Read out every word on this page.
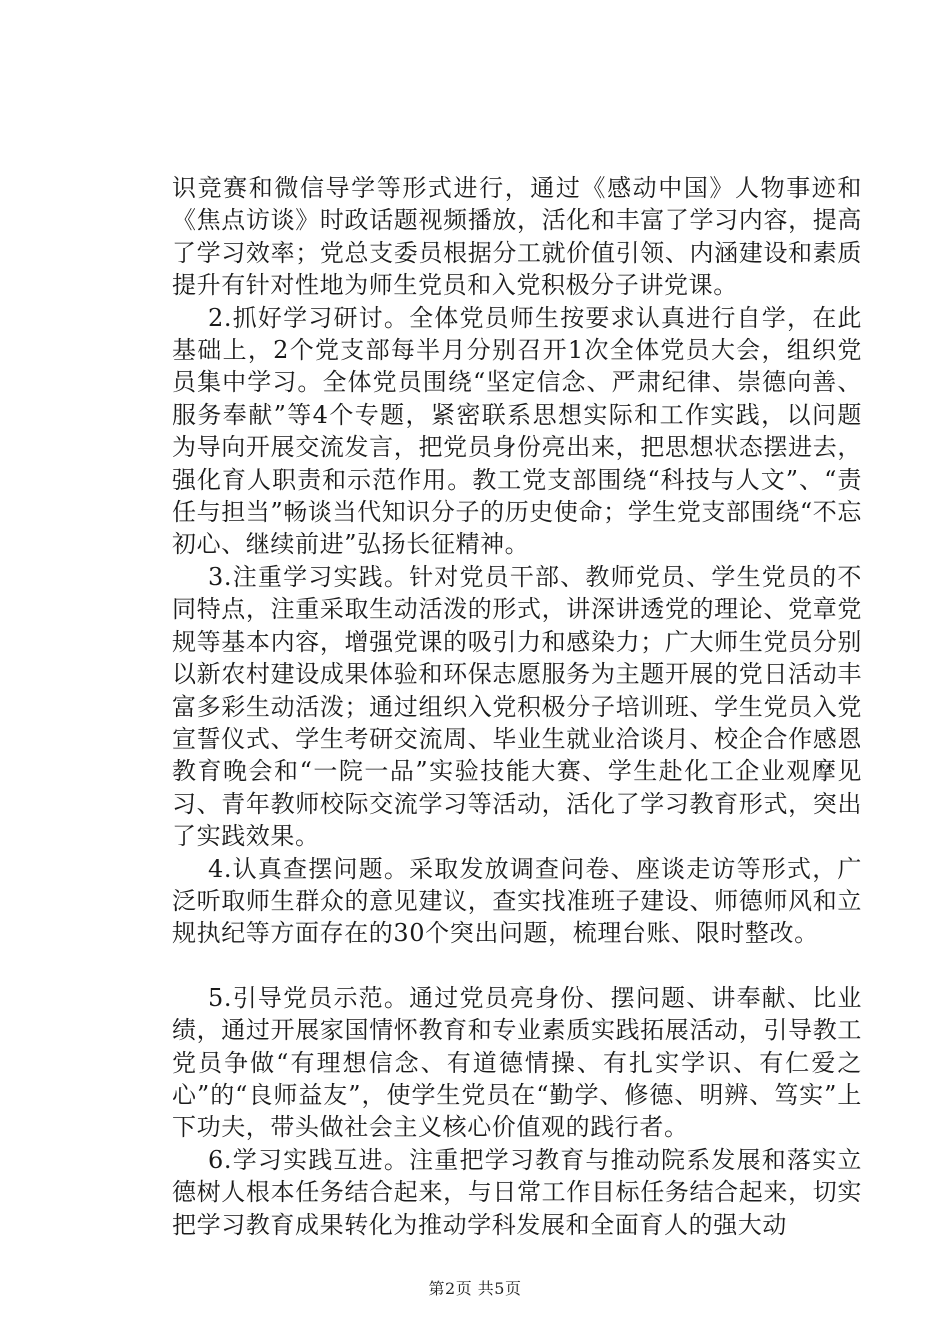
识竞赛和微信导学等形式进行，通过《感动中国》人物事迹和《焦点访谈》时政话题视频播放，活化和丰富了学习内容，提高了学习效率；党总支委员根据分工就价值引领、内涵建设和素质提升有针对性地为师生党员和入党积极分子讲党课。

2.抓好学习研讨。全体党员师生按要求认真进行自学，在此基础上，2个党支部每半月分别召开1次全体党员大会，组织党员集中学习。全体党员围绕“坚定信念、严肃纪律、崇德向善、服务奉献”等4个专题，紧密联系思想实际和工作实践，以问题为导向开展交流发言，把党员身份亮出来，把思想状态摆进去，强化育人职责和示范作用。教工党支部围绕“科技与人文”、“责任与担当”畅谈当代知识分子的历史使命；学生党支部围绕“不忘初心、继续前进”弘扬长征精神。

3.注重学习实践。针对党员干部、教师党员、学生党员的不同特点，注重采取生动活泼的形式，讲深讲透党的理论、党章党规等基本内容，增强党课的吸引力和感染力；广大师生党员分别以新农村建设成果体验和环保志愿服务为主题开展的党日活动丰富多彩生动活泼；通过组织入党积极分子培训班、学生党员入党宣誓仪式、学生考研交流周、毕业生就业洽谈月、校企合作感恩教育晚会和“一院一品”实验技能大赛、学生赴化工企业观摩见习、青年教师校际交流学习等活动，活化了学习教育形式，突出了实践效果。

4.认真查摆问题。采取发放调查问卷、座谈走访等形式，广泛听取师生群众的意见建议，查实找准班子建设、师德师风和立规执纪等方面存在的30个突出问题，梳理台账、限时整改。

5.引导党员示范。通过党员亮身份、摆问题、讲奉献、比业绩，通过开展家国情怀教育和专业素质实践拓展活动，引导教工党员争做“有理想信念、有道德情操、有扎实学识、有仁爱之心”的“良师益友”，使学生党员在“勤学、修德、明辨、笃实”上下功夫，带头做社会主义核心价值观的践行者。

6.学习实践互进。注重把学习教育与推动院系发展和落实立德树人根本任务结合起来，与日常工作目标任务结合起来，切实把学习教育成果转化为推动学科发展和全面育人的强大动

第2页 共5页
